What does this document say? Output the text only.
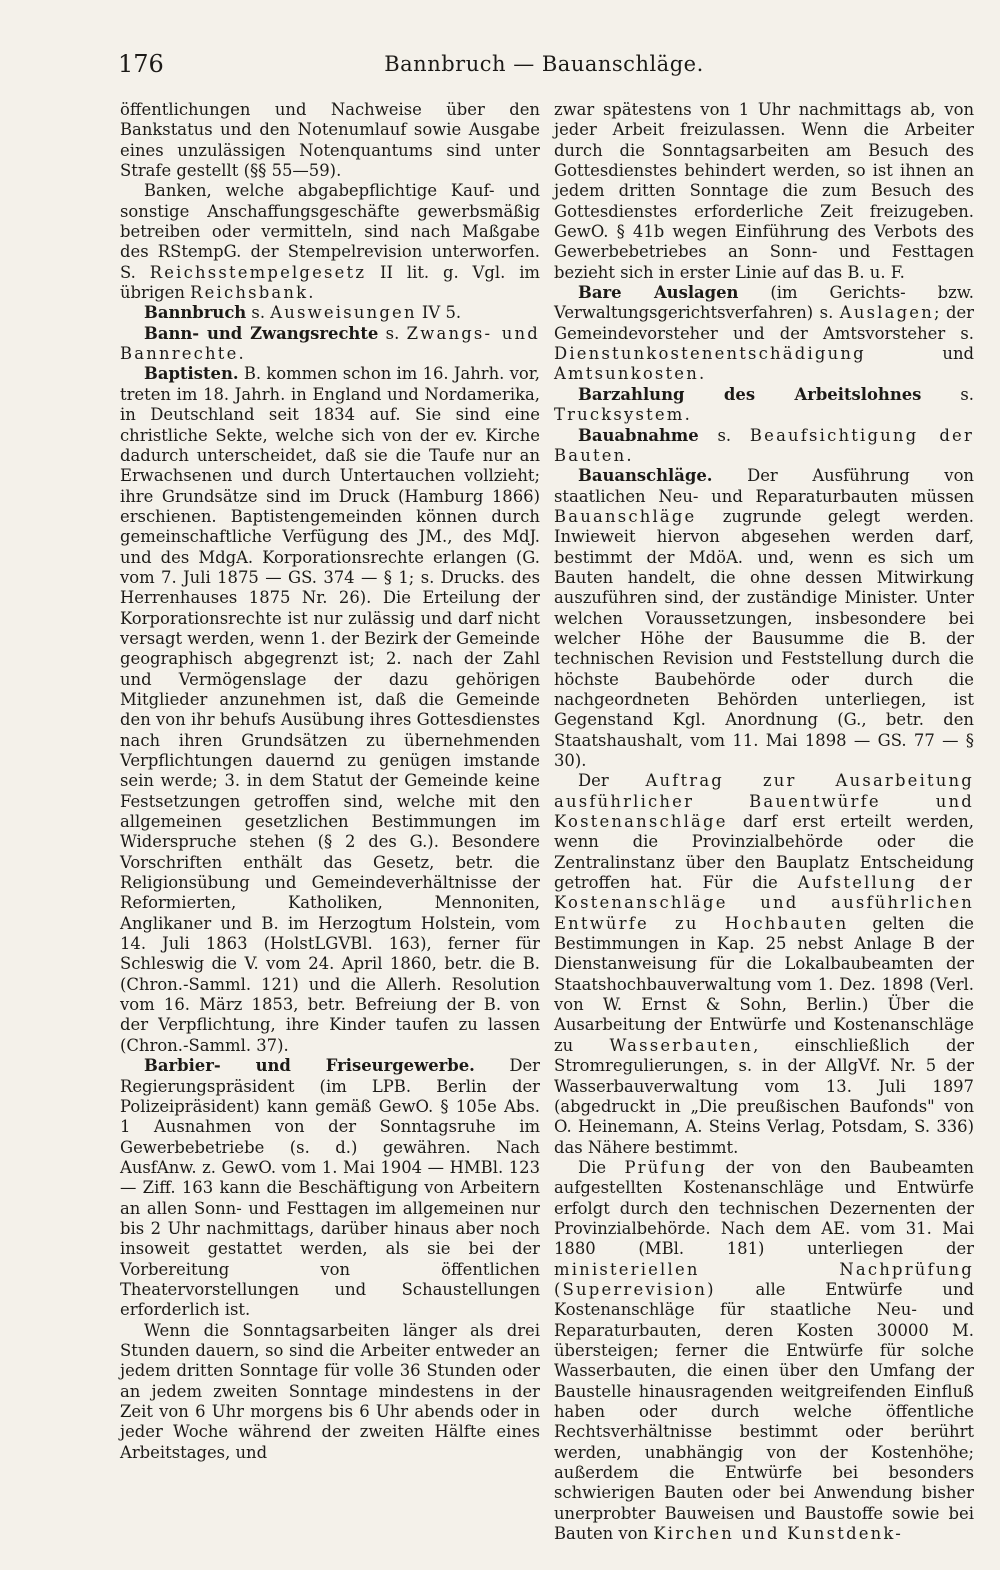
176	Bannbruch — Bauanschläge.

öffentlichungen und Nachweise über den Bankstatus und den Notenumlauf sowie Ausgabe eines unzulässigen Notenquantums sind unter Strafe gestellt (§§ 55—59).

Banken, welche abgabepflichtige Kauf- und sonstige Anschaffungsgeschäfte gewerbsmäßig betreiben oder vermitteln, sind nach Maßgabe des RStempG. der Stempelrevision unterworfen. S. Reichsstempelgesetz II lit. g. Vgl. im übrigen Reichsbank.

Bannbruch s. Ausweisungen IV 5.

Bann- und Zwangsrechte s. Zwangs- und Bannrechte.

Baptisten. B. kommen schon im 16. Jahrh. vor, treten im 18. Jahrh. in England und Nordamerika, in Deutschland seit 1834 auf. Sie sind eine christliche Sekte, welche sich von der ev. Kirche dadurch unterscheidet, daß sie die Taufe nur an Erwachsenen und durch Untertauchen vollzieht; ihre Grundsätze sind im Druck (Hamburg 1866) erschienen. Baptistengemeinden können durch gemeinschaftliche Verfügung des JM., des MdJ. und des MdgA. Korporationsrechte erlangen (G. vom 7. Juli 1875 — GS. 374 — § 1; s. Drucks. des Herrenhauses 1875 Nr. 26). Die Erteilung der Korporationsrechte ist nur zulässig und darf nicht versagt werden, wenn 1. der Bezirk der Gemeinde geographisch abgegrenzt ist; 2. nach der Zahl und Vermögenslage der dazu gehörigen Mitglieder anzunehmen ist, daß die Gemeinde den von ihr behufs Ausübung ihres Gottesdienstes nach ihren Grundsätzen zu übernehmenden Verpflichtungen dauernd zu genügen imstande sein werde; 3. in dem Statut der Gemeinde keine Festsetzungen getroffen sind, welche mit den allgemeinen gesetzlichen Bestimmungen im Widerspruche stehen (§ 2 des G.). Besondere Vorschriften enthält das Gesetz, betr. die Religionsübung und Gemeindeverhältnisse der Reformierten, Katholiken, Mennoniten, Anglikaner und B. im Herzogtum Holstein, vom 14. Juli 1863 (HolstLGVBl. 163), ferner für Schleswig die V. vom 24. April 1860, betr. die B. (Chron.-Samml. 121) und die Allerh. Resolution vom 16. März 1853, betr. Befreiung der B. von der Verpflichtung, ihre Kinder taufen zu lassen (Chron.-Samml. 37).

Barbier- und Friseurgewerbe. Der Regierungspräsident (im LPB. Berlin der Polizeipräsident) kann gemäß GewO. § 105e Abs. 1 Ausnahmen von der Sonntagsruhe im Gewerbebetriebe (s. d.) gewähren. Nach AusfAnw. z. GewO. vom 1. Mai 1904 — HMBl. 123 — Ziff. 163 kann die Beschäftigung von Arbeitern an allen Sonn- und Festtagen im allgemeinen nur bis 2 Uhr nachmittags, darüber hinaus aber noch insoweit gestattet werden, als sie bei der Vorbereitung von öffentlichen Theatervorstellungen und Schaustellungen erforderlich ist.

Wenn die Sonntagsarbeiten länger als drei Stunden dauern, so sind die Arbeiter entweder an jedem dritten Sonntage für volle 36 Stunden oder an jedem zweiten Sonntage mindestens in der Zeit von 6 Uhr morgens bis 6 Uhr abends oder in jeder Woche während der zweiten Hälfte eines Arbeitstages, und

zwar spätestens von 1 Uhr nachmittags ab, von jeder Arbeit freizulassen. Wenn die Arbeiter durch die Sonntagsarbeiten am Besuch des Gottesdienstes behindert werden, so ist ihnen an jedem dritten Sonntage die zum Besuch des Gottesdienstes erforderliche Zeit freizugeben. GewO. § 41b wegen Einführung des Verbots des Gewerbebetriebes an Sonn- und Festtagen bezieht sich in erster Linie auf das B. u. F.

Bare Auslagen (im Gerichts- bzw. Verwaltungsgerichtsverfahren) s. Auslagen; der Gemeindevorsteher und der Amtsvorsteher s. Dienstunkostenentschädigung und Amtsunkosten.

Barzahlung des Arbeitslohnes s. Trucksystem.

Bauabnahme s. Beaufsichtigung der Bauten.

Bauanschläge. Der Ausführung von staatlichen Neu- und Reparaturbauten müssen Bauanschläge zugrunde gelegt werden. Inwieweit hiervon abgesehen werden darf, bestimmt der MdöA. und, wenn es sich um Bauten handelt, die ohne dessen Mitwirkung auszuführen sind, der zuständige Minister. Unter welchen Voraussetzungen, insbesondere bei welcher Höhe der Bausumme die B. der technischen Revision und Feststellung durch die höchste Baubehörde oder durch die nachgeordneten Behörden unterliegen, ist Gegenstand Kgl. Anordnung (G., betr. den Staatshaushalt, vom 11. Mai 1898 — GS. 77 — § 30).

Der Auftrag zur Ausarbeitung ausführlicher Bauentwürfe und Kostenanschläge darf erst erteilt werden, wenn die Provinzialbehörde oder die Zentralinstanz über den Bauplatz Entscheidung getroffen hat. Für die Aufstellung der Kostenanschläge und ausführlichen Entwürfe zu Hochbauten gelten die Bestimmungen in Kap. 25 nebst Anlage B der Dienstanweisung für die Lokalbaubeamten der Staatshochbauverwaltung vom 1. Dez. 1898 (Verl. von W. Ernst & Sohn, Berlin.) Über die Ausarbeitung der Entwürfe und Kostenanschläge zu Wasserbauten, einschließlich der Stromregulierungen, s. in der AllgVf. Nr. 5 der Wasserbauverwaltung vom 13. Juli 1897 (abgedruckt in „Die preußischen Baufonds" von O. Heinemann, A. Steins Verlag, Potsdam, S. 336) das Nähere bestimmt.

Die Prüfung der von den Baubeamten aufgestellten Kostenanschläge und Entwürfe erfolgt durch den technischen Dezernenten der Provinzialbehörde. Nach dem AE. vom 31. Mai 1880 (MBl. 181) unterliegen der ministeriellen Nachprüfung (Superrevision) alle Entwürfe und Kostenanschläge für staatliche Neu- und Reparaturbauten, deren Kosten 30000 M. übersteigen; ferner die Entwürfe für solche Wasserbauten, die einen über den Umfang der Baustelle hinausragenden weitgreifenden Einfluß haben oder durch welche öffentliche Rechtsverhältnisse bestimmt oder berührt werden, unabhängig von der Kostenhöhe; außerdem die Entwürfe bei besonders schwierigen Bauten oder bei Anwendung bisher unerprobter Bauweisen und Baustoffe sowie bei Bauten von Kirchen und Kunstdenk-
